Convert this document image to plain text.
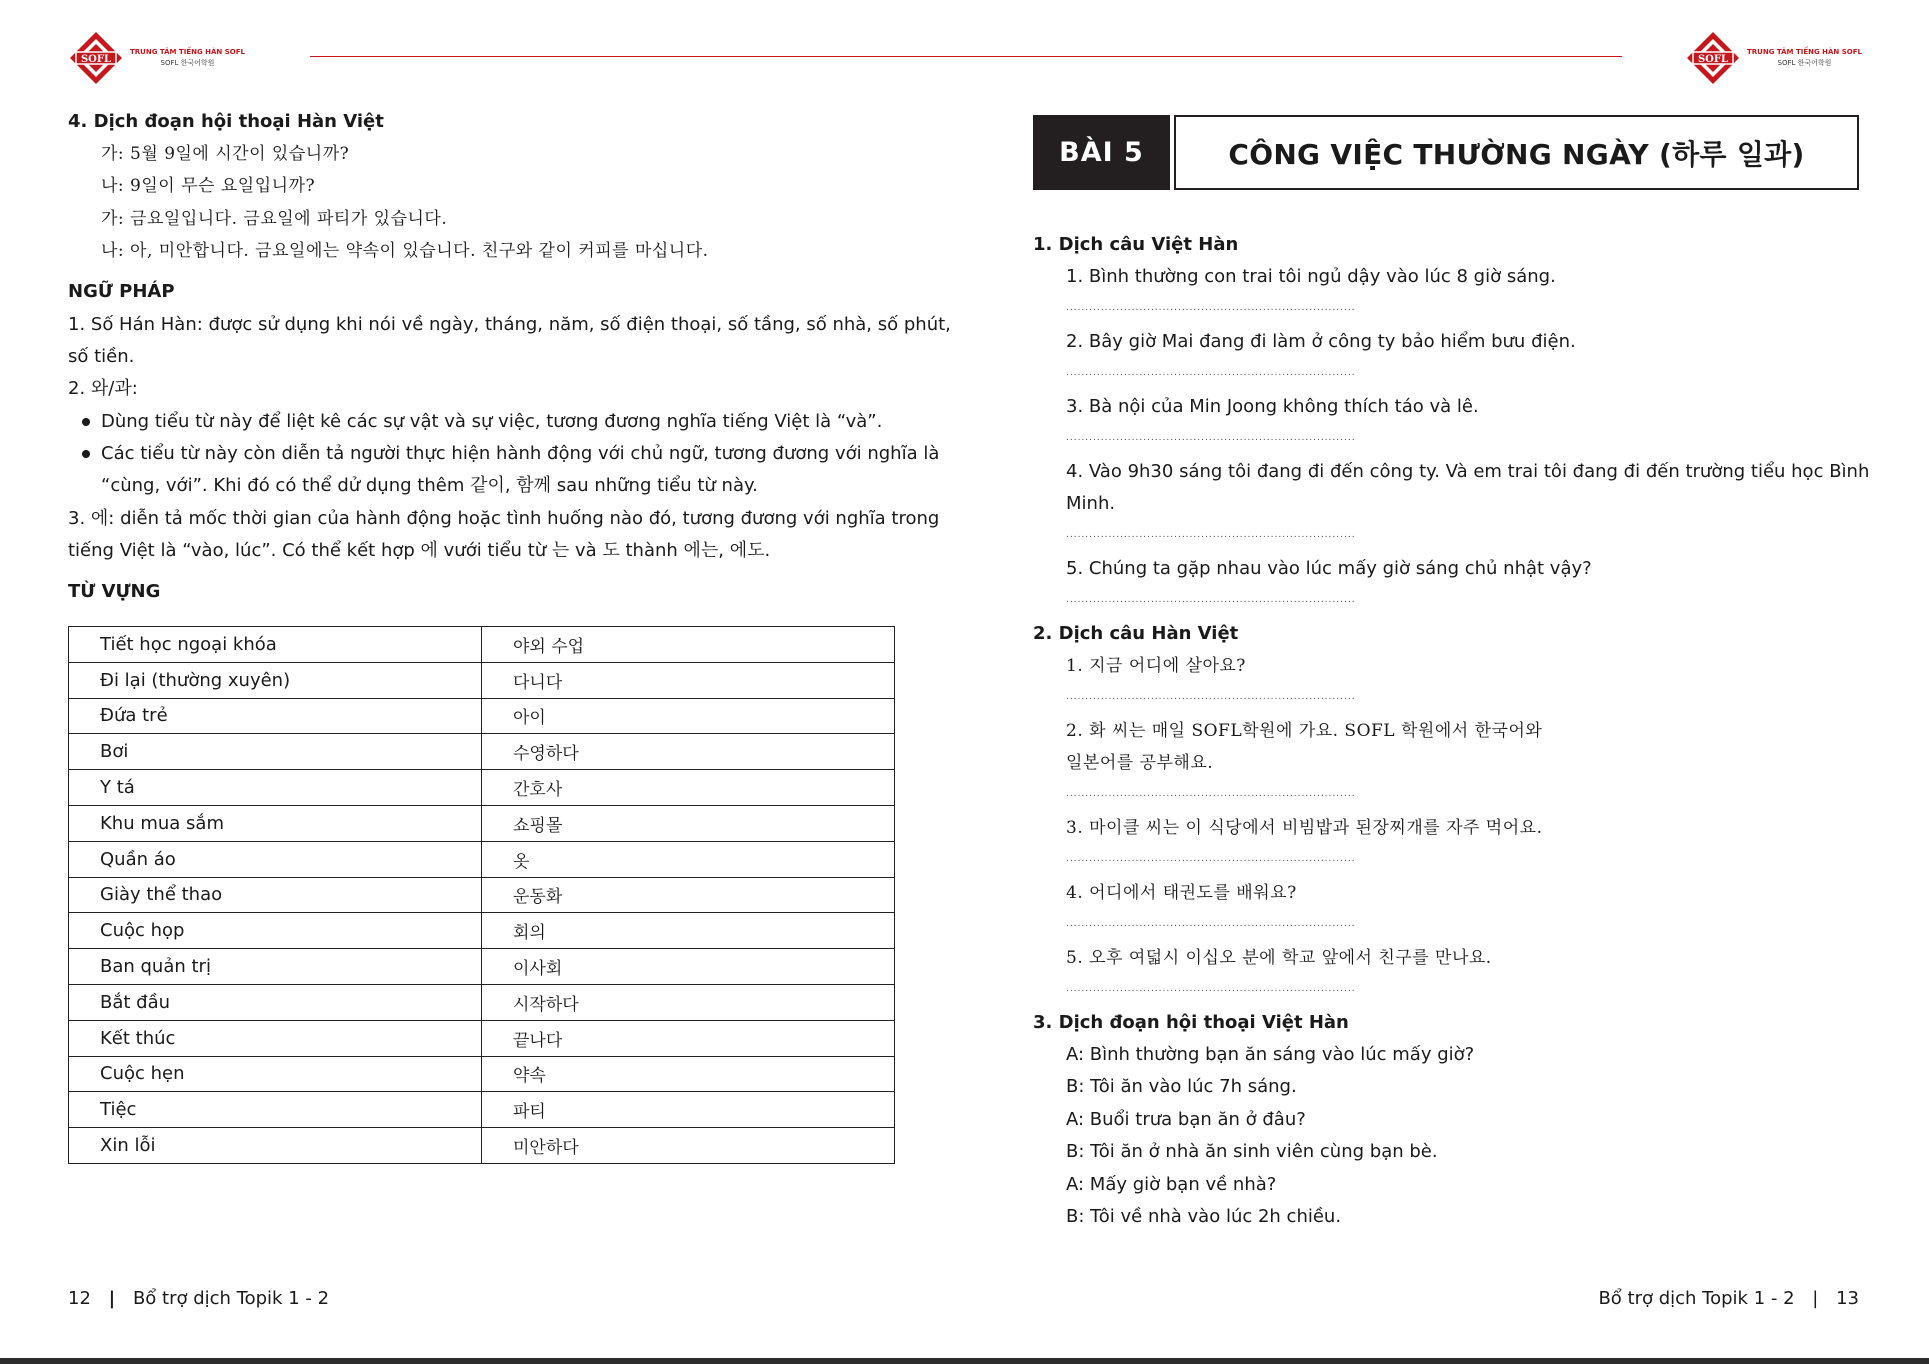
SOFL
TRUNG TÂM TIẾNG HÀN SOFL
SOFL 한국어학원	SOFL
TRUNG TÂM TIẾNG HÀN SOFL
SOFL 한국어학원
4. Dịch đoạn hội thoại Hàn Việt
가: 5월 9일에 시간이 있습니까?
나: 9일이 무슨 요일입니까?
가: 금요일입니다. 금요일에 파티가 있습니다.
나: 아, 미안합니다. 금요일에는 약속이 있습니다. 친구와 같이 커피를 마십니다.
NGỮ PHÁP
1. Số Hán Hàn: được sử dụng khi nói về ngày, tháng, năm, số điện thoại, số tầng, số nhà, số phút,
số tiền.
2. 와/과:
Dùng tiểu từ này để liệt kê các sự vật và sự việc, tương đương nghĩa tiếng Việt là “và”.
Các tiểu từ này còn diễn tả người thực hiện hành động với chủ ngữ, tương đương với nghĩa là
“cùng, với”. Khi đó có thể dử dụng thêm 같이, 함께 sau những tiểu từ này.
3. 에: diễn tả mốc thời gian của hành động hoặc tình huống nào đó, tương đương với nghĩa trong
tiếng Việt là “vào, lúc”. Có thể kết hợp 에 vưới tiểu từ 는 và 도 thành 에는, 에도.
TỪ VỰNG
Tiết học ngoại khóa	야외 수업
Đi lại (thường xuyên)	다니다
Đứa trẻ	아이
Bơi	수영하다
Y tá	간호사
Khu mua sắm	쇼핑몰
Quần áo	옷
Giày thể thao	운동화
Cuộc họp	회의
Ban quản trị	이사회
Bắt đầu	시작하다
Kết thúc	끝나다
Cuộc hẹn	약속
Tiệc	파티
Xin lỗi	미안하다
12 | Bổ trợ dịch Topik 1 - 2
BÀI 5	CÔNG VIỆC THƯỜNG NGÀY (하루 일과)
1. Dịch câu Việt Hàn
1. Bình thường con trai tôi ngủ dậy vào lúc 8 giờ sáng.
...........................................................................
2. Bây giờ Mai đang đi làm ở công ty bảo hiểm bưu điện.
...........................................................................
3. Bà nội của Min Joong không thích táo và lê.
...........................................................................
4. Vào 9h30 sáng tôi đang đi đến công ty. Và em trai tôi đang đi đến trường tiểu học Bình
Minh.
...........................................................................
5. Chúng ta gặp nhau vào lúc mấy giờ sáng chủ nhật vậy?
...........................................................................
2. Dịch câu Hàn Việt
1. 지금 어디에 살아요?
...........................................................................
2. 화 씨는 매일 SOFL학원에 가요. SOFL 학원에서 한국어와
일본어를 공부해요.
...........................................................................
3. 마이클 씨는 이 식당에서 비빔밥과 된장찌개를 자주 먹어요.
...........................................................................
4. 어디에서 태권도를 배워요?
...........................................................................
5. 오후 여덟시 이십오 분에 학교 앞에서 친구를 만나요.
...........................................................................
3. Dịch đoạn hội thoại Việt Hàn
A: Bình thường bạn ăn sáng vào lúc mấy giờ?
B: Tôi ăn vào lúc 7h sáng.
A: Buổi trưa bạn ăn ở đâu?
B: Tôi ăn ở nhà ăn sinh viên cùng bạn bè.
A: Mấy giờ bạn về nhà?
B: Tôi về nhà vào lúc 2h chiều.
Bổ trợ dịch Topik 1 - 2 | 13
